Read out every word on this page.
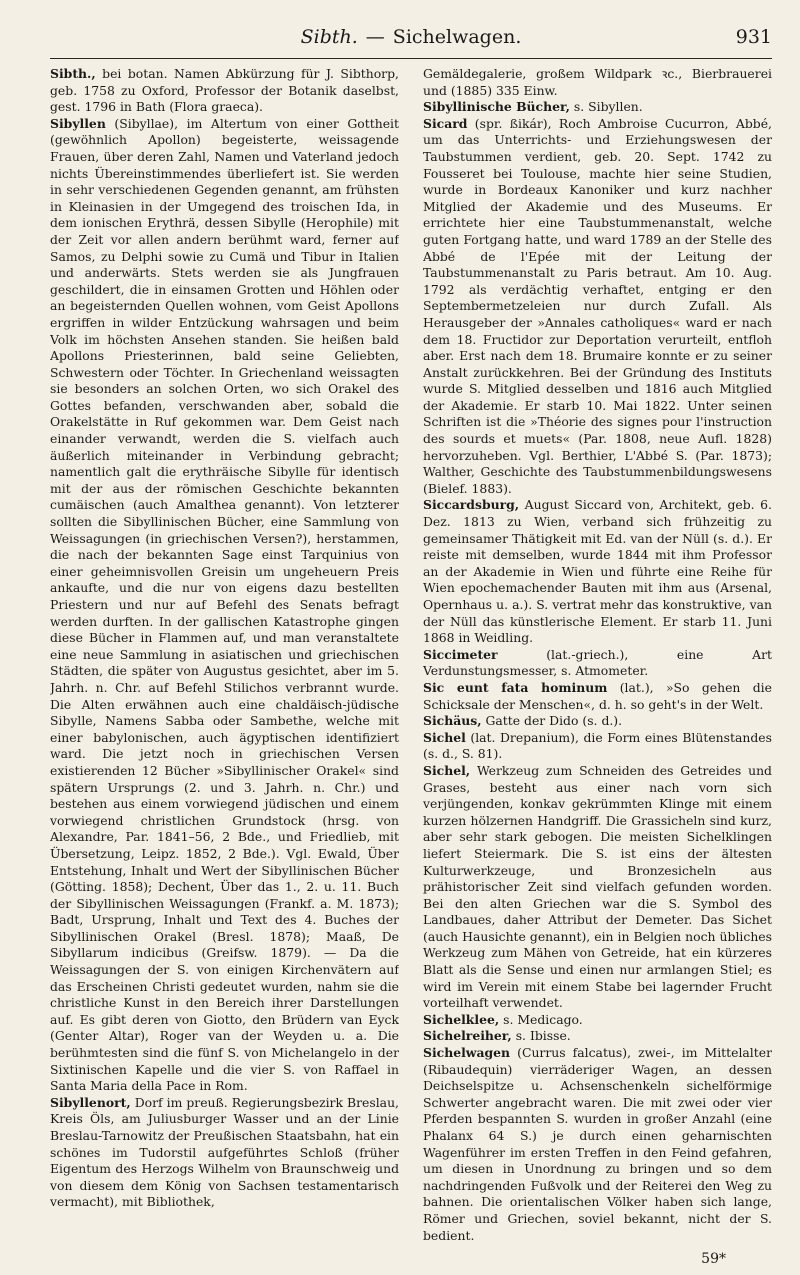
Sibth. — Sichelwagen.	931

Sibth., bei botan. Namen Abkürzung für J. Sibthorp, geb. 1758 zu Oxford, Professor der Botanik daselbst, gest. 1796 in Bath (Flora graeca).

Sibyllen (Sibyllae), im Altertum von einer Gottheit (gewöhnlich Apollon) begeisterte, weissagende Frauen, über deren Zahl, Namen und Vaterland jedoch nichts Übereinstimmendes überliefert ist. Sie werden in sehr verschiedenen Gegenden genannt, am frühsten in Kleinasien in der Umgegend des troischen Ida, in dem ionischen Erythrä, dessen Sibylle (Herophile) mit der Zeit vor allen andern berühmt ward, ferner auf Samos, zu Delphi sowie zu Cumä und Tibur in Italien und anderwärts. Stets werden sie als Jungfrauen geschildert, die in einsamen Grotten und Höhlen oder an begeisternden Quellen wohnen, vom Geist Apollons ergriffen in wilder Entzückung wahrsagen und beim Volk im höchsten Ansehen standen. Sie heißen bald Apollons Priesterinnen, bald seine Geliebten, Schwestern oder Töchter. In Griechenland weissagten sie besonders an solchen Orten, wo sich Orakel des Gottes befanden, verschwanden aber, sobald die Orakelstätte in Ruf gekommen war. Dem Geist nach einander verwandt, werden die S. vielfach auch äußerlich miteinander in Verbindung gebracht; namentlich galt die erythräische Sibylle für identisch mit der aus der römischen Geschichte bekannten cumäischen (auch Amalthea genannt). Von letzterer sollten die Sibyllinischen Bücher, eine Sammlung von Weissagungen (in griechischen Versen?), herstammen, die nach der bekannten Sage einst Tarquinius von einer geheimnisvollen Greisin um ungeheuern Preis ankaufte, und die nur von eigens dazu bestellten Priestern und nur auf Befehl des Senats befragt werden durften. In der gallischen Katastrophe gingen diese Bücher in Flammen auf, und man veranstaltete eine neue Sammlung in asiatischen und griechischen Städten, die später von Augustus gesichtet, aber im 5. Jahrh. n. Chr. auf Befehl Stilichos verbrannt wurde. Die Alten erwähnen auch eine chaldäisch-jüdische Sibylle, Namens Sabba oder Sambethe, welche mit einer babylonischen, auch ägyptischen identifiziert ward. Die jetzt noch in griechischen Versen existierenden 12 Bücher »Sibyllinischer Orakel« sind spätern Ursprungs (2. und 3. Jahrh. n. Chr.) und bestehen aus einem vorwiegend jüdischen und einem vorwiegend christlichen Grundstock (hrsg. von Alexandre, Par. 1841–56, 2 Bde., und Friedlieb, mit Übersetzung, Leipz. 1852, 2 Bde.). Vgl. Ewald, Über Entstehung, Inhalt und Wert der Sibyllinischen Bücher (Götting. 1858); Dechent, Über das 1., 2. u. 11. Buch der Sibyllinischen Weissagungen (Frankf. a. M. 1873); Badt, Ursprung, Inhalt und Text des 4. Buches der Sibyllinischen Orakel (Bresl. 1878); Maaß, De Sibyllarum indicibus (Greifsw. 1879). — Da die Weissagungen der S. von einigen Kirchenvätern auf das Erscheinen Christi gedeutet wurden, nahm sie die christliche Kunst in den Bereich ihrer Darstellungen auf. Es gibt deren von Giotto, den Brüdern van Eyck (Genter Altar), Roger van der Weyden u. a. Die berühmtesten sind die fünf S. von Michelangelo in der Sixtinischen Kapelle und die vier S. von Raffael in Santa Maria della Pace in Rom.

Sibyllenort, Dorf im preuß. Regierungsbezirk Breslau, Kreis Öls, am Juliusburger Wasser und an der Linie Breslau-Tarnowitz der Preußischen Staatsbahn, hat ein schönes im Tudorstil aufgeführtes Schloß (früher Eigentum des Herzogs Wilhelm von Braunschweig und von diesem dem König von Sachsen testamentarisch vermacht), mit Bibliothek,

Gemäldegalerie, großem Wildpark ꝛc., Bierbrauerei und (1885) 335 Einw.

Sibyllinische Bücher, s. Sibyllen.

Sicard (spr. ßikár), Roch Ambroise Cucurron, Abbé, um das Unterrichts- und Erziehungswesen der Taubstummen verdient, geb. 20. Sept. 1742 zu Fousseret bei Toulouse, machte hier seine Studien, wurde in Bordeaux Kanoniker und kurz nachher Mitglied der Akademie und des Museums. Er errichtete hier eine Taubstummenanstalt, welche guten Fortgang hatte, und ward 1789 an der Stelle des Abbé de l'Epée mit der Leitung der Taubstummenanstalt zu Paris betraut. Am 10. Aug. 1792 als verdächtig verhaftet, entging er den Septembermetzeleien nur durch Zufall. Als Herausgeber der »Annales catholiques« ward er nach dem 18. Fructidor zur Deportation verurteilt, entfloh aber. Erst nach dem 18. Brumaire konnte er zu seiner Anstalt zurückkehren. Bei der Gründung des Instituts wurde S. Mitglied desselben und 1816 auch Mitglied der Akademie. Er starb 10. Mai 1822. Unter seinen Schriften ist die »Théorie des signes pour l'instruction des sourds et muets« (Par. 1808, neue Aufl. 1828) hervorzuheben. Vgl. Berthier, L'Abbé S. (Par. 1873); Walther, Geschichte des Taubstummenbildungswesens (Bielef. 1883).

Siccardsburg, August Siccard von, Architekt, geb. 6. Dez. 1813 zu Wien, verband sich frühzeitig zu gemeinsamer Thätigkeit mit Ed. van der Nüll (s. d.). Er reiste mit demselben, wurde 1844 mit ihm Professor an der Akademie in Wien und führte eine Reihe für Wien epochemachender Bauten mit ihm aus (Arsenal, Opernhaus u. a.). S. vertrat mehr das konstruktive, van der Nüll das künstlerische Element. Er starb 11. Juni 1868 in Weidling.

Siccimeter	(lat.-griech.), eine Art Verdunstungsmesser, s. Atmometer.

Sic eunt fata hominum (lat.), »So gehen die Schicksale der Menschen«, d. h. so geht's in der Welt.

Sichäus, Gatte der Dido (s. d.).

Sichel (lat. Drepanium), die Form eines Blütenstandes (s. d., S. 81).

Sichel, Werkzeug zum Schneiden des Getreides und Grases, besteht aus einer nach vorn sich verjüngenden, konkav gekrümmten Klinge mit einem kurzen hölzernen Handgriff. Die Grassicheln sind kurz, aber sehr stark gebogen. Die meisten Sichelklingen liefert Steiermark. Die S. ist eins der ältesten Kulturwerkzeuge, und Bronzesicheln aus prähistorischer Zeit sind vielfach gefunden worden. Bei den alten Griechen war die S. Symbol des Landbaues, daher Attribut der Demeter. Das Sichet (auch Hausichte genannt), ein in Belgien noch übliches Werkzeug zum Mähen von Getreide, hat ein kürzeres Blatt als die Sense und einen nur armlangen Stiel; es wird im Verein mit einem Stabe bei lagernder Frucht vorteilhaft verwendet.

Sichelklee, s. Medicago.

Sichelreiher, s. Ibisse.

Sichelwagen (Currus falcatus), zwei-, im Mittelalter (Ribaudequin) vierräderiger Wagen, an dessen Deichselspitze u. Achsenschenkeln sichelförmige Schwerter angebracht waren. Die mit zwei oder vier Pferden bespannten S. wurden in großer Anzahl (eine Phalanx 64 S.) je durch einen geharnischten Wagenführer im ersten Treffen in den Feind gefahren, um diesen in Unordnung zu bringen und so dem nachdringenden Fußvolk und der Reiterei den Weg zu bahnen. Die orientalischen Völker haben sich lange, Römer und Griechen, soviel bekannt, nicht der S. bedient.

59*
